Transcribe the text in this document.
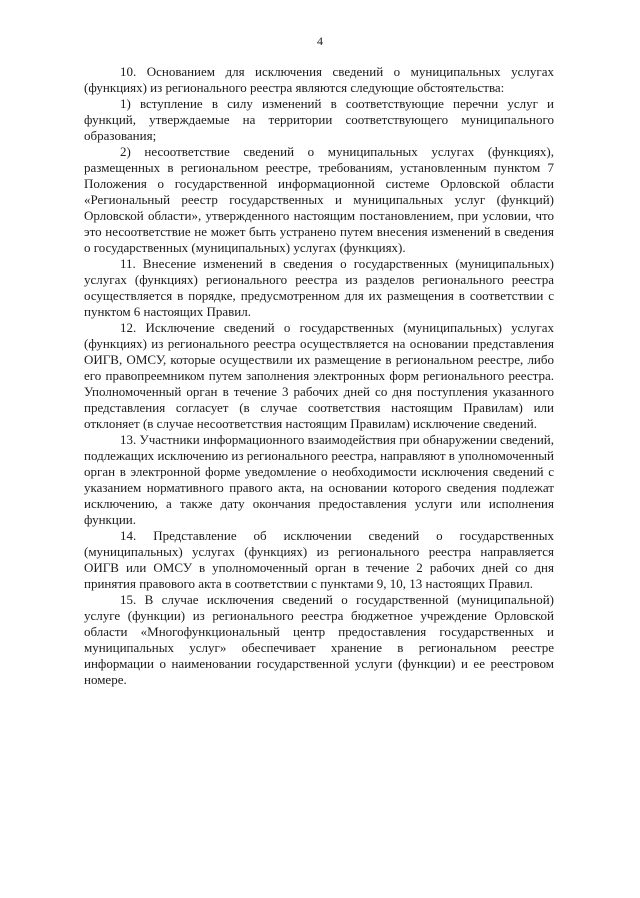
4

10. Основанием для исключения сведений о муниципальных услугах (функциях) из регионального реестра являются следующие обстоятельства:

1) вступление в силу изменений в соответствующие перечни услуг и функций, утверждаемые на территории соответствующего муниципального образования;

2) несоответствие сведений о муниципальных услугах (функциях), размещенных в региональном реестре, требованиям, установленным пунктом 7 Положения о государственной информационной системе Орловской области «Региональный реестр государственных и муниципальных услуг (функций) Орловской области», утвержденного настоящим постановлением, при условии, что это несоответствие не может быть устранено путем внесения изменений в сведения о государственных (муниципальных) услугах (функциях).

11. Внесение изменений в сведения о государственных (муниципальных) услугах (функциях) регионального реестра из разделов регионального реестра осуществляется в порядке, предусмотренном для их размещения в соответствии с пунктом 6 настоящих Правил.

12. Исключение сведений о государственных (муниципальных) услугах (функциях) из регионального реестра осуществляется на основании представления ОИГВ, ОМСУ, которые осуществили их размещение в региональном реестре, либо его правопреемником путем заполнения электронных форм регионального реестра. Уполномоченный орган в течение 3 рабочих дней со дня поступления указанного представления согласует (в случае соответствия настоящим Правилам) или отклоняет (в случае несоответствия настоящим Правилам) исключение сведений.

13. Участники информационного взаимодействия при обнаружении сведений, подлежащих исключению из регионального реестра, направляют в уполномоченный орган в электронной форме уведомление о необходимости исключения сведений с указанием нормативного правого акта, на основании которого сведения подлежат исключению, а также дату окончания предоставления услуги или исполнения функции.

14. Представление об исключении сведений о государственных (муниципальных) услугах (функциях) из регионального реестра направляется ОИГВ или ОМСУ в уполномоченный орган в течение 2 рабочих дней со дня принятия правового акта в соответствии с пунктами 9, 10, 13 настоящих Правил.

15. В случае исключения сведений о государственной (муниципальной) услуге (функции) из регионального реестра бюджетное учреждение Орловской области «Многофункциональный центр предоставления государственных и муниципальных услуг» обеспечивает хранение в региональном реестре информации о наименовании государственной услуги (функции) и ее реестровом номере.
